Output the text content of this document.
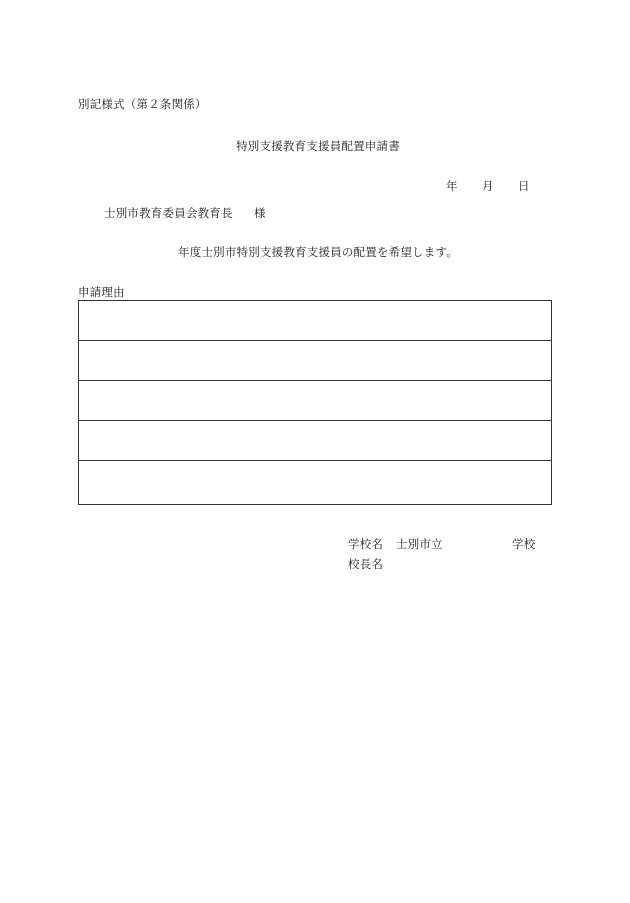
別記様式（第２条関係）
特別支援教育支援員配置申請書
年 月 日
士別市教育委員会教育長 様
年度士別市特別支援教育支援員の配置を希望します。
申請理由
学校名 士別市立	学校
校長名
